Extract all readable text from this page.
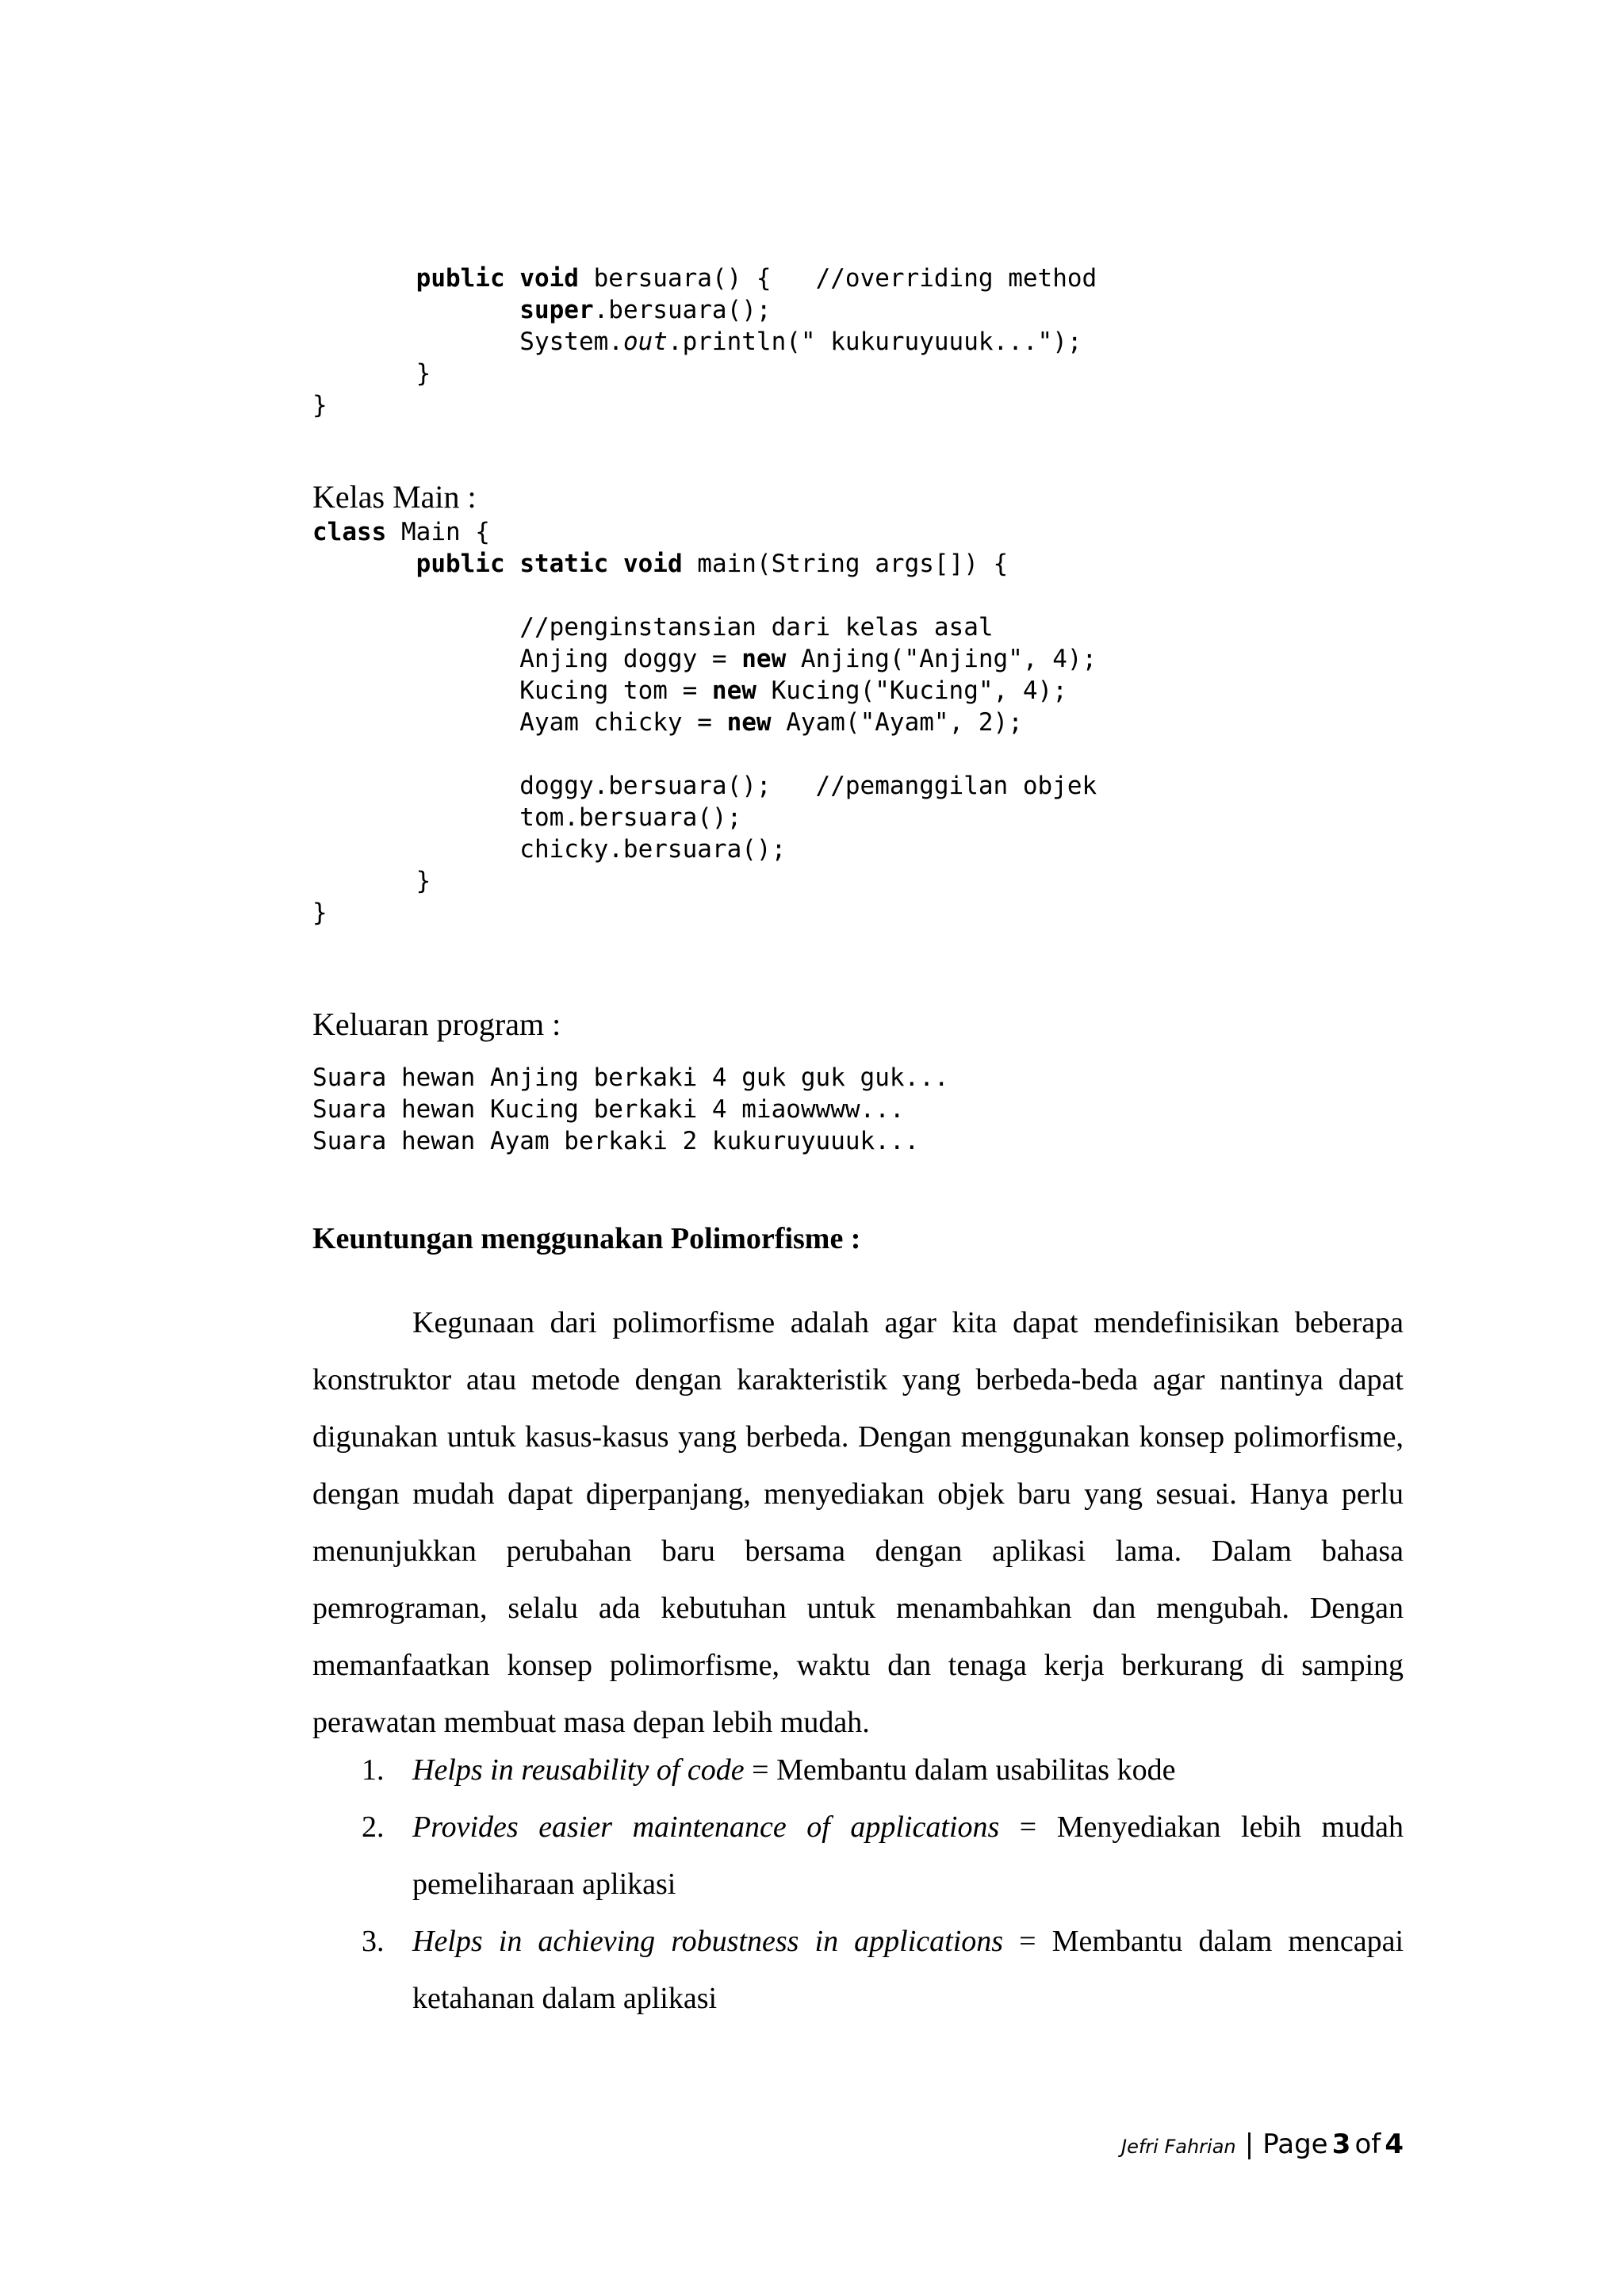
public void bersuara() {   //overriding method
super.bersuara();
System.out.println(" kukuruyuuuk...");
}
}
Kelas Main :
class Main {
public static void main(String args[]) {
//penginstansian dari kelas asal
Anjing doggy = new Anjing("Anjing", 4);
Kucing tom = new Kucing("Kucing", 4);
Ayam chicky = new Ayam("Ayam", 2);
doggy.bersuara();   //pemanggilan objek
tom.bersuara();
chicky.bersuara();
}
}
Keluaran program :
Suara hewan Anjing berkaki 4 guk guk guk...
Suara hewan Kucing berkaki 4 miaowwww...
Suara hewan Ayam berkaki 2 kukuruyuuuk...
Keuntungan menggunakan Polimorfisme :

Kegunaan dari polimorfisme adalah agar kita dapat mendefinisikan beberapa konstruktor atau metode dengan karakteristik yang berbeda-beda agar nantinya dapat digunakan untuk kasus-kasus yang berbeda. Dengan menggunakan konsep polimorfisme, dengan mudah dapat diperpanjang, menyediakan objek baru yang sesuai. Hanya perlu menunjukkan perubahan baru bersama dengan aplikasi lama. Dalam bahasa pemrograman, selalu ada kebutuhan untuk menambahkan dan mengubah. Dengan memanfaatkan konsep polimorfisme, waktu dan tenaga kerja berkurang di samping perawatan membuat masa depan lebih mudah.

1. Helps in reusability of code = Membantu dalam usabilitas kode
2. Provides easier maintenance of applications = Menyediakan lebih mudah pemeliharaan aplikasi
3. Helps in achieving robustness in applications = Membantu dalam mencapai ketahanan dalam aplikasi
Jefri Fahrian | Page 3 of 4
